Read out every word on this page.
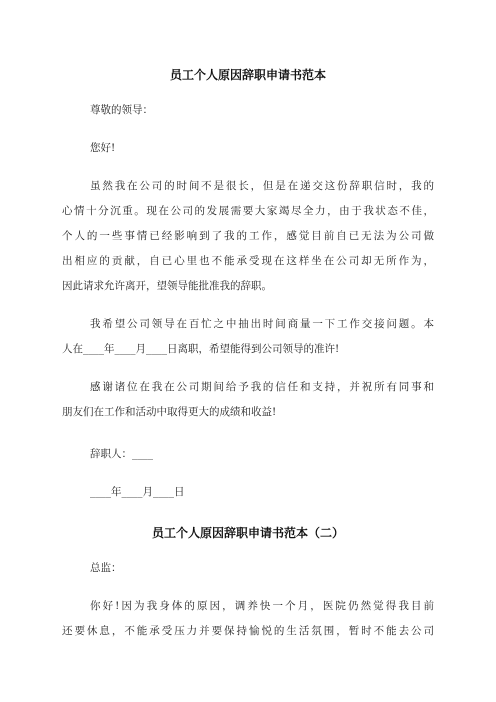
员工个人原因辞职申请书范本
尊敬的领导：
您好!
虽然我在公司的时间不是很长，但是在递交这份辞职信时，我的
心情十分沉重。现在公司的发展需要大家竭尽全力，由于我状态不佳，
个人的一些事情已经影响到了我的工作，感觉目前自已无法为公司做
出相应的贡献，自已心里也不能承受现在这样坐在公司却无所作为，
因此请求允许离开，望领导能批准我的辞职。
我希望公司领导在百忙之中抽出时间商量一下工作交接问题。本
人在____年____月____日离职，希望能得到公司领导的准许!
感谢诸位在我在公司期间给予我的信任和支持，并祝所有同事和
朋友们在工作和活动中取得更大的成绩和收益!
辞职人：____
____年____月____日
员工个人原因辞职申请书范本（二）
总监：
你好!因为我身体的原因，调养快一个月，医院仍然觉得我目前
还要休息，不能承受压力并要保持愉悦的生活氛围，暂时不能去公司
